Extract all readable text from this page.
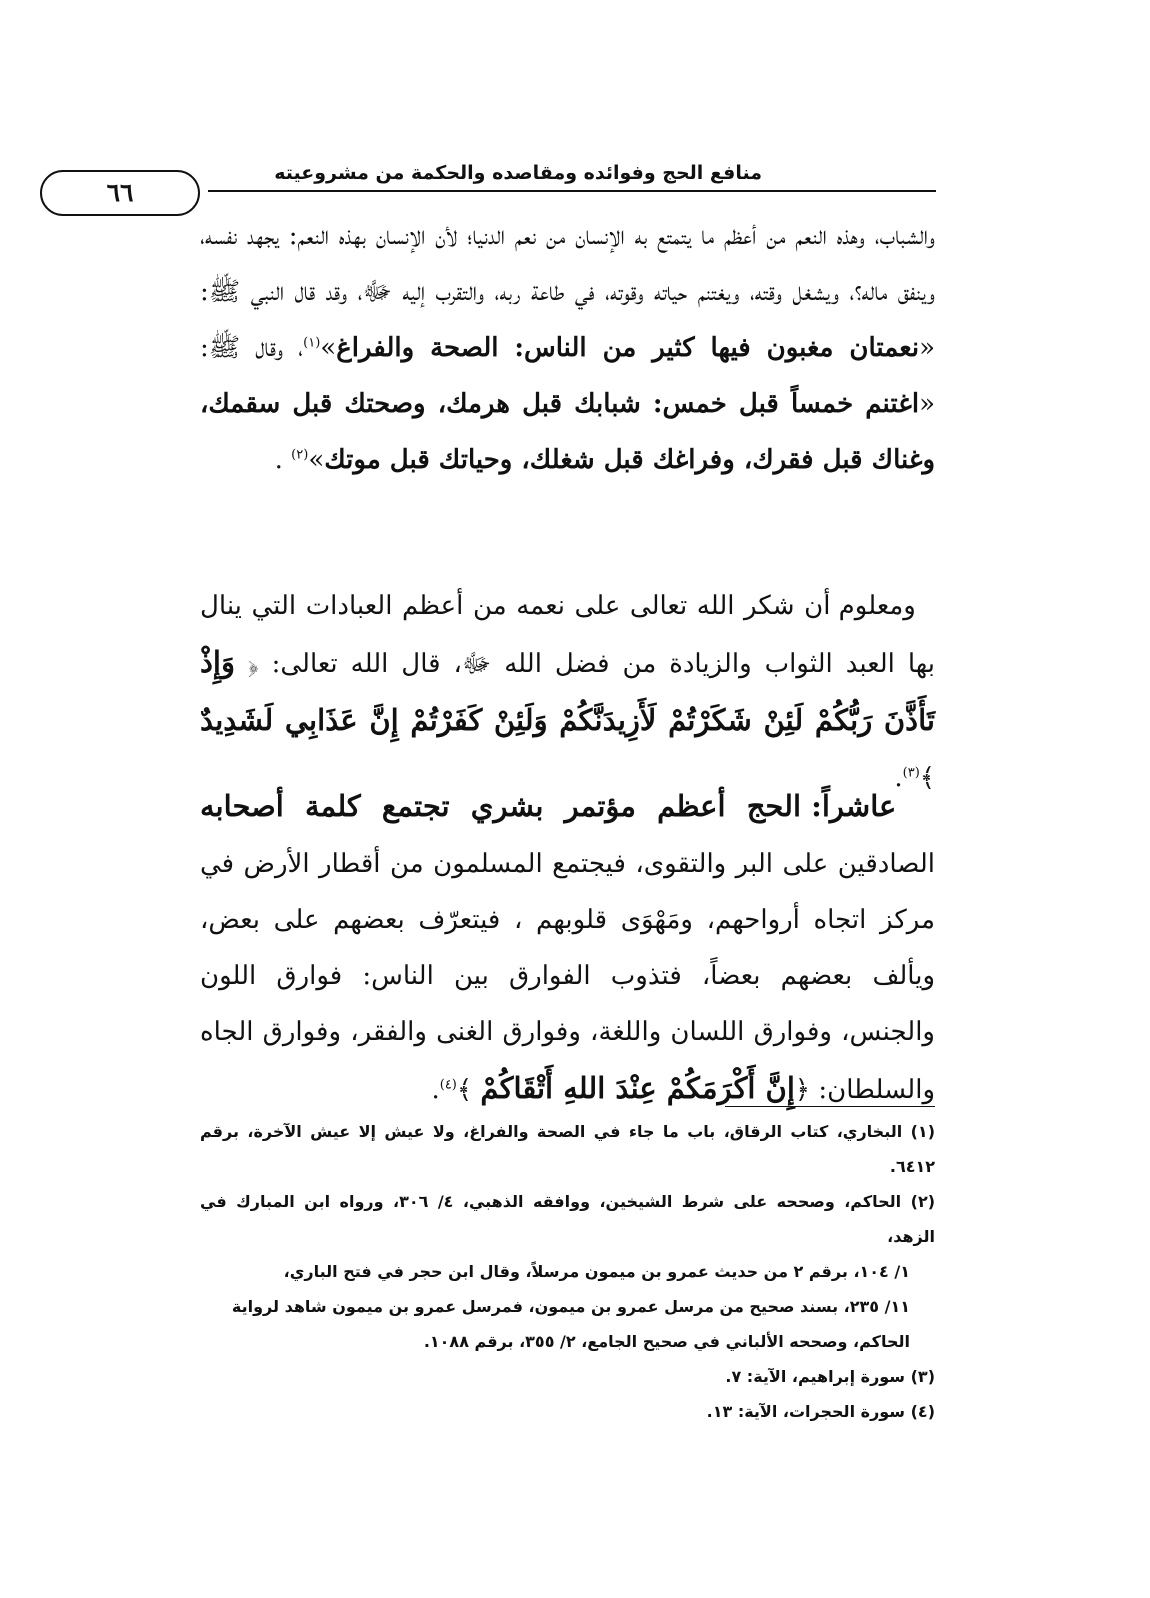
منافع الحج وفوائده ومقاصده والحكمة من مشروعيته
٦٦

والشباب، وهذه النعم من أعظم ما يتمتع به الإنسان من نعم الدنيا؛ لأن الإنسان بهذه النعم: يجهد نفسه، وينفق ماله؟، ويشغل وقته، ويغتنم حياته وقوته، في طاعة ربه، والتقرب إليه ﷻ، وقد قال النبي ﷺ: «نعمتان مغبون فيها كثير من الناس: الصحة والفراغ»$^{(١)}$، وقال ﷺ: «اغتنم خمساً قبل خمس: شبابك قبل هرمك، وصحتك قبل سقمك، وغناك قبل فقرك، وفراغك قبل شغلك، وحياتك قبل موتك»$^{(٢)}$ .

ومعلوم أن شكر الله تعالى على نعمه من أعظم العبادات التي ينال بها العبد الثواب والزيادة من فضل الله ﷻ، قال الله تعالى: ﴿ وَإِذْ تَأَذَّنَ رَبُّكُمْ لَئِنْ شَكَرْتُمْ لَأَزِيدَنَّكُمْ وَلَئِنْ كَفَرْتُمْ إِنَّ عَذَابِي لَشَدِيدٌ ﴾$^{(٣)}$.

عاشراً: الحج أعظم مؤتمر بشري تجتمع كلمة أصحابه الصادقين على البر والتقوى، فيجتمع المسلمون من أقطار الأرض في مركز اتجاه أرواحهم، ومَهْوَى قلوبهم ، فيتعرّف بعضهم على بعض، ويألف بعضهم بعضاً، فتذوب الفوارق بين الناس: فوارق اللون والجنس، وفوارق اللسان واللغة، وفوارق الغنى والفقر، وفوارق الجاه والسلطان: ﴿إِنَّ أَكْرَمَكُمْ عِنْدَ اللهِ أَتْقَاكُمْ ﴾$^{(٤)}$.

(١) البخاري، كتاب الرقاق، باب ما جاء في الصحة والفراغ، ولا عيش إلا عيش الآخرة، برقم ٦٤١٢.

(٢) الحاكم، وصححه على شرط الشيخين، ووافقه الذهبي، ٤/ ٣٠٦، ورواه ابن المبارك في الزهد،

١/ ١٠٤، برقم ٢ من حديث عمرو بن ميمون مرسلاً، وقال ابن حجر في فتح الباري،

١١/ ٢٣٥، بسند صحيح من مرسل عمرو بن ميمون، فمرسل عمرو بن ميمون شاهد لرواية

الحاكم، وصححه الألباني في صحيح الجامع، ٢/ ٣٥٥، برقم ١٠٨٨.

(٣) سورة إبراهيم، الآية: ٧.

(٤) سورة الحجرات، الآية: ١٣.
